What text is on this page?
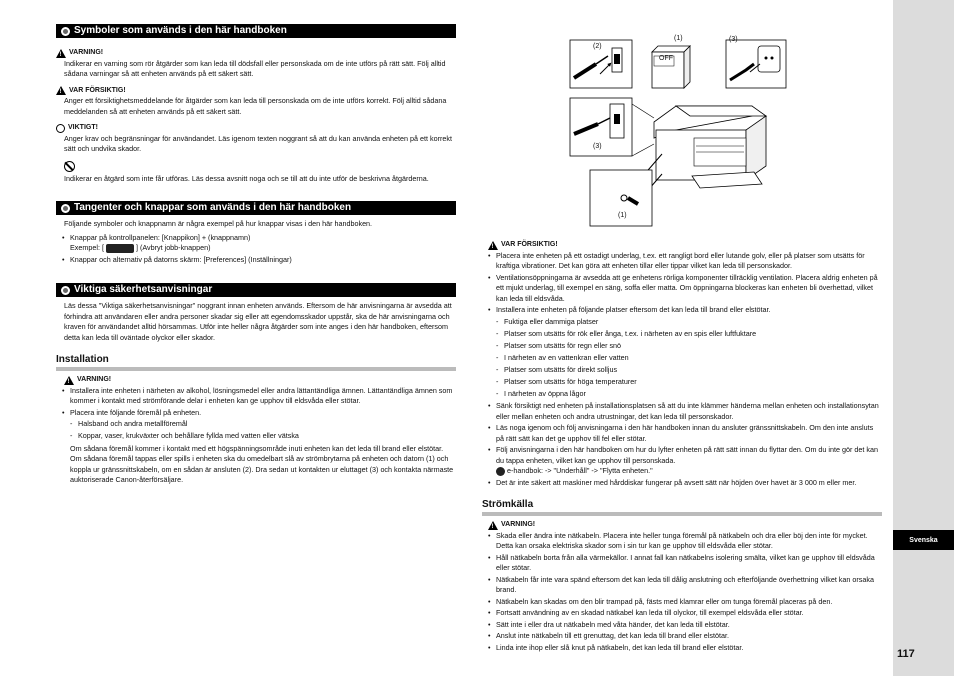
Svenska
117
Symboler som används i den här handboken
!
VARNING!
Indikerar en varning som rör åtgärder som kan leda till dödsfall eller personskada om de inte utförs på rätt sätt. Följ alltid sådana varningar så att enheten används på ett säkert sätt.
!
VAR FÖRSIKTIG!
Anger ett försiktighetsmeddelande för åtgärder som kan leda till personskada om de inte utförs korrekt. Följ alltid sådana meddelanden så att enheten används på ett säkert sätt.
VIKTIGT!
Anger krav och begränsningar för användandet. Läs igenom texten noggrant så att du kan använda enheten på ett korrekt sätt och undvika skador.
Indikerar en åtgärd som inte får utföras. Läs dessa avsnitt noga och se till att du inte utför de beskrivna åtgärderna.
Tangenter och knappar som används i den här handboken
Följande symboler och knappnamn är några exempel på hur knappar visas i den här handboken.
• Knappar på kontrollpanelen: [Knappikon] + (knappnamn)
Exempel: [	] (Avbryt jobb-knappen)
• Knappar och alternativ på datorns skärm: [Preferences] (Inställningar)
Viktiga säkerhetsanvisningar
Läs dessa "Viktiga säkerhetsanvisningar" noggrant innan enheten används. Eftersom de här anvisningarna är avsedda att förhindra att användaren eller andra personer skadar sig eller att egendomsskador uppstår, ska de här anvisningarna och kraven för användandet alltid hörsammas. Utför inte heller några åtgärder som inte anges i den här handboken, eftersom detta kan leda till oväntade olyckor eller skador.
Installation
!
VARNING!
• Installera inte enheten i närheten av alkohol, lösningsmedel eller andra lättantändliga ämnen. Lättantändliga ämnen som kommer i kontakt med strömförande delar i enheten kan ge upphov till eldsvåda eller stötar.
• Placera inte följande föremål på enheten.
- Halsband och andra metallföremål
- Koppar, vaser, krukväxter och behållare fyllda med vatten eller vätska
Om sådana föremål kommer i kontakt med ett högspänningsområde inuti enheten kan det leda till brand eller elstötar. Om sådana föremål tappas eller spills i enheten ska du omedelbart slå av strömbrytarna på enheten och datorn (1) och koppla ur gränssnittskabeln, om en sådan är ansluten (2). Dra sedan ut kontakten ur eluttaget (3) och kontakta närmaste auktoriserade Canon-återförsäljare.
OFF
(1)
(2)
(3)
(3)
(1)
!
VAR FÖRSIKTIG!
• Placera inte enheten på ett ostadigt underlag, t.ex. ett rangligt bord eller lutande golv, eller på platser som utsätts för kraftiga vibrationer. Det kan göra att enheten tillar eller tippar vilket kan leda till personskador.
• Ventilationsöppningarna är avsedda att ge enhetens rörliga komponenter tillräcklig ventilation. Placera aldrig enheten på ett mjukt underlag, till exempel en säng, soffa eller matta. Om öppningarna blockeras kan enheten bli överhettad, vilket kan leda till eldsvåda.
• Installera inte enheten på följande platser eftersom det kan leda till brand eller elstötar.
- Fuktiga eller dammiga platser
- Platser som utsätts för rök eller ånga, t.ex. i närheten av en spis eller luftfuktare
- Platser som utsätts för regn eller snö
- I närheten av en vattenkran eller vatten
- Platser som utsätts för direkt solljus
- Platser som utsätts för höga temperaturer
- I närheten av öppna lågor
• Sänk försiktigt ned enheten på installationsplatsen så att du inte klämmer händerna mellan enheten och installationsytan eller mellan enheten och andra utrustningar, det kan leda till personskador.
• Läs noga igenom och följ anvisningarna i den här handboken innan du ansluter gränssnittskabeln. Om den inte ansluts på rätt sätt kan det ge upphov till fel eller stötar.
• Följ anvisningarna i den här handboken om hur du lyfter enheten på rätt sätt innan du flyttar den. Om du inte gör det kan du tappa enheten, vilket kan ge upphov till personskada.
e-handbok: -> "Underhåll" -> "Flytta enheten."
• Det är inte säkert att maskiner med hårddiskar fungerar på avsett sätt när höjden över havet är 3 000 m eller mer.
Strömkälla
!
VARNING!
• Skada eller ändra inte nätkabeln. Placera inte heller tunga föremål på nätkabeln och dra eller böj den inte för mycket. Detta kan orsaka elektriska skador som i sin tur kan ge upphov till eldsvåda eller stötar.
• Håll nätkabeln borta från alla värmekällor. I annat fall kan nätkabelns isolering smälta, vilket kan ge upphov till eldsvåda eller stötar.
• Nätkabeln får inte vara spänd eftersom det kan leda till dålig anslutning och efterföljande överhettning vilket kan orsaka brand.
• Nätkabeln kan skadas om den blir trampad på, fästs med klamrar eller om tunga föremål placeras på den.
• Fortsatt användning av en skadad nätkabel kan leda till olyckor, till exempel eldsvåda eller stötar.
• Sätt inte i eller dra ut nätkabeln med våta händer, det kan leda till elstötar.
• Anslut inte nätkabeln till ett grenuttag, det kan leda till brand eller elstötar.
• Linda inte ihop eller slå knut på nätkabeln, det kan leda till brand eller elstötar.
